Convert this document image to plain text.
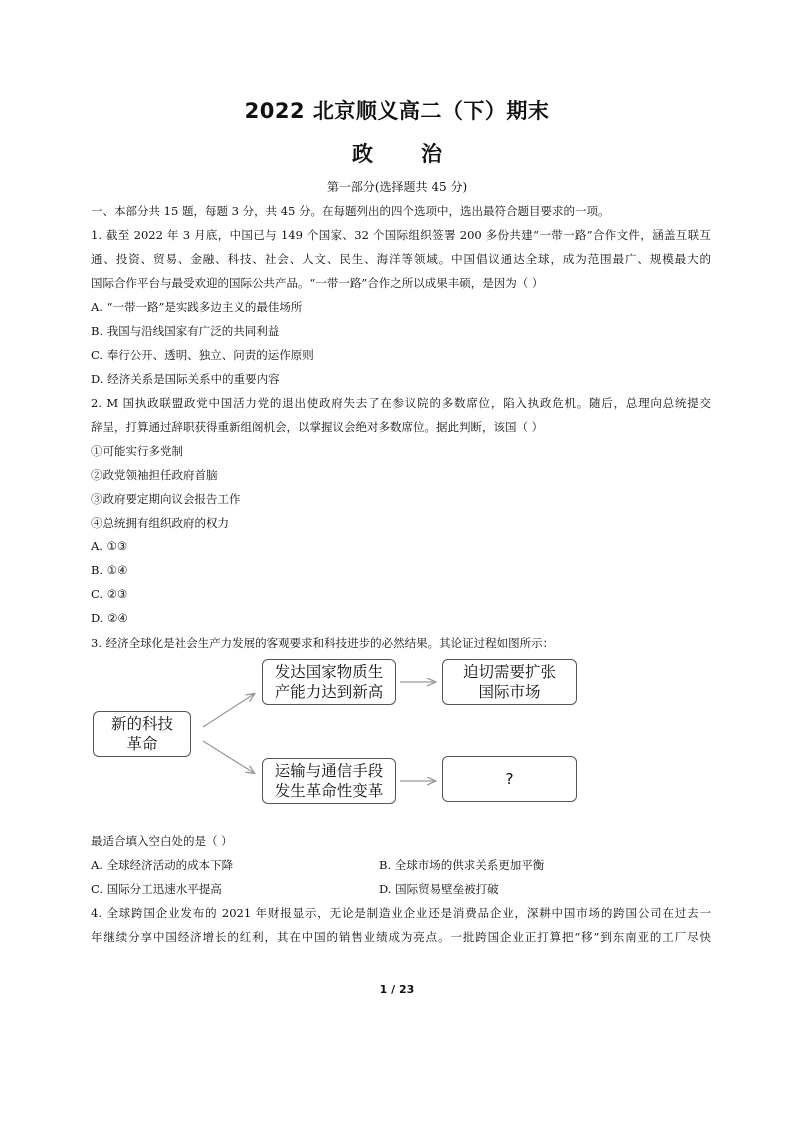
2022 北京顺义高二（下）期末
政 治
第一部分(选择题共 45 分)
一、本部分共 15 题，每题 3 分，共 45 分。在每题列出的四个选项中，选出最符合题目要求的一项。
1. 截至 2022 年 3 月底，中国已与 149 个国家、32 个国际组织签署 200 多份共建“一带一路”合作文件，涵盖互联互
通、投资、贸易、金融、科技、社会、人文、民生、海洋等领域。中国倡议通达全球，成为范围最广、规模最大的
国际合作平台与最受欢迎的国际公共产品。“一带一路”合作之所以成果丰硕，是因为（ ）
A. “一带一路”是实践多边主义的最佳场所
B. 我国与沿线国家有广泛的共同利益
C. 奉行公开、透明、独立、问责的运作原则
D. 经济关系是国际关系中的重要内容
2. M 国执政联盟政党中国活力党的退出使政府失去了在参议院的多数席位，陷入执政危机。随后，总理向总统提交
辞呈，打算通过辞职获得重新组阁机会，以掌握议会绝对多数席位。据此判断，该国（ ）
①可能实行多党制
②政党领袖担任政府首脑
③政府要定期向议会报告工作
④总统拥有组织政府的权力
A. ①③
B. ①④
C. ②③
D. ②④
3. 经济全球化是社会生产力发展的客观要求和科技进步的必然结果。其论证过程如图所示：
新的科技
革命
发达国家物质生
产能力达到新高
迫切需要扩张
国际市场
运输与通信手段
发生革命性变革
?
最适合填入空白处的是（ ）
A. 全球经济活动的成本下降	B. 全球市场的供求关系更加平衡
C. 国际分工迅速水平提高	D. 国际贸易壁垒被打破
4. 全球跨国企业发布的 2021 年财报显示，无论是制造业企业还是消费品企业，深耕中国市场的跨国公司在过去一
年继续分享中国经济增长的红利，其在中国的销售业绩成为亮点。一批跨国企业正打算把“移”到东南亚的工厂尽快
1 / 23
